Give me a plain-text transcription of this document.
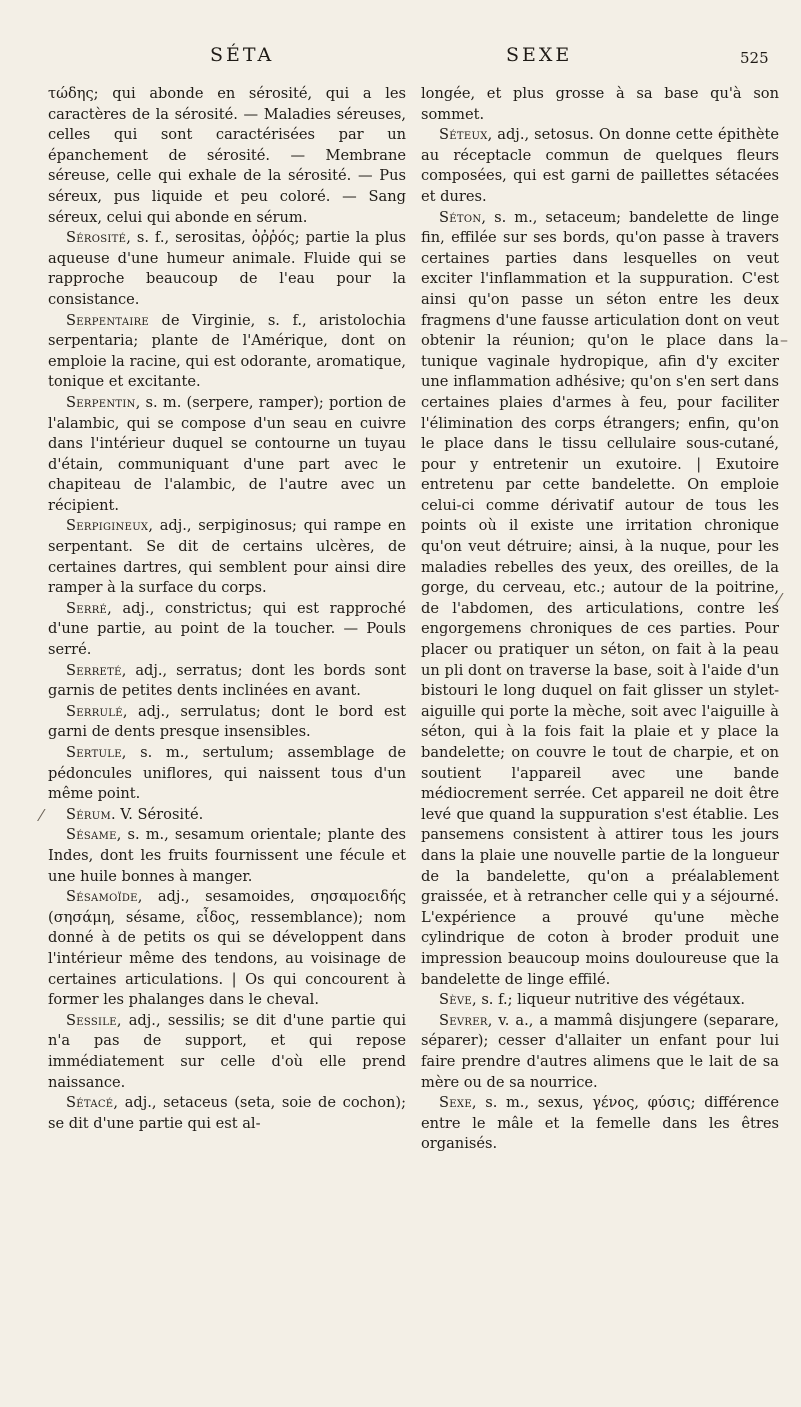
SÉTA	SEXE	525
⁄
–
⁄

τώδης; qui abonde en sérosité, qui a les caractères de la sérosité. — Maladies séreuses, celles qui sont caractérisées par un épanchement de sérosité. — Membrane séreuse, celle qui exhale de la sérosité. — Pus séreux, pus liquide et peu coloré. — Sang séreux, celui qui abonde en sérum.

Sérosité, s. f., serositas, ὀῤῥός; partie la plus aqueuse d'une humeur animale. Fluide qui se rapproche beaucoup de l'eau pour la consistance.

Serpentaire de Virginie, s. f., aristolochia serpentaria; plante de l'Amérique, dont on emploie la racine, qui est odorante, aromatique, tonique et excitante.

Serpentin, s. m. (serpere, ramper); portion de l'alambic, qui se compose d'un seau en cuivre dans l'intérieur duquel se contourne un tuyau d'étain, communiquant d'une part avec le chapiteau de l'alambic, de l'autre avec un récipient.

Serpigineux, adj., serpiginosus; qui rampe en serpentant. Se dit de certains ulcères, de certaines dartres, qui semblent pour ainsi dire ramper à la surface du corps.

Serré, adj., constrictus; qui est rapproché d'une partie, au point de la toucher. — Pouls serré.

Serreté, adj., serratus; dont les bords sont garnis de petites dents inclinées en avant.

Serrulé, adj., serrulatus; dont le bord est garni de dents presque insensibles.

Sertule, s. m., sertulum; assemblage de pédoncules uniflores, qui naissent tous d'un même point.

Sérum. V. Sérosité.

Sésame, s. m., sesamum orientale; plante des Indes, dont les fruits fournissent une fécule et une huile bonnes à manger.

Sésamoïde, adj., sesamoides, σησαμοειδής (σησάμη, sésame, εἶδος, ressemblance); nom donné à de petits os qui se développent dans l'intérieur même des tendons, au voisinage de certaines articulations. | Os qui concourent à former les phalanges dans le cheval.

Sessile, adj., sessilis; se dit d'une partie qui n'a pas de support, et qui repose immédiatement sur celle d'où elle prend naissance.

Sétacé, adj., setaceus (seta, soie de cochon); se dit d'une partie qui est al-

longée, et plus grosse à sa base qu'à son sommet.

Séteux, adj., setosus. On donne cette épithète au réceptacle commun de quelques fleurs composées, qui est garni de paillettes sétacées et dures.

Séton, s. m., setaceum; bandelette de linge fin, effilée sur ses bords, qu'on passe à travers certaines parties dans lesquelles on veut exciter l'inflammation et la suppuration. C'est ainsi qu'on passe un séton entre les deux fragmens d'une fausse articulation dont on veut obtenir la réunion; qu'on le place dans la tunique vaginale hydropique, afin d'y exciter une inflammation adhésive; qu'on s'en sert dans certaines plaies d'armes à feu, pour faciliter l'élimination des corps étrangers; enfin, qu'on le place dans le tissu cellulaire sous-cutané, pour y entretenir un exutoire. | Exutoire entretenu par cette bandelette. On emploie celui-ci comme dérivatif autour de tous les points où il existe une irritation chronique qu'on veut détruire; ainsi, à la nuque, pour les maladies rebelles des yeux, des oreilles, de la gorge, du cerveau, etc.; autour de la poitrine, de l'abdomen, des articulations, contre les engorgemens chroniques de ces parties. Pour placer ou pratiquer un séton, on fait à la peau un pli dont on traverse la base, soit à l'aide d'un bistouri le long duquel on fait glisser un stylet-aiguille qui porte la mèche, soit avec l'aiguille à séton, qui à la fois fait la plaie et y place la bandelette; on couvre le tout de charpie, et on soutient l'appareil avec une bande médiocrement serrée. Cet appareil ne doit être levé que quand la suppuration s'est établie. Les pansemens consistent à attirer tous les jours dans la plaie une nouvelle partie de la longueur de la bandelette, qu'on a préalablement graissée, et à retrancher celle qui y a séjourné. L'expérience a prouvé qu'une mèche cylindrique de coton à broder produit une impression beaucoup moins douloureuse que la bandelette de linge effilé.

Sève, s. f.; liqueur nutritive des végétaux.

Sevrer, v. a., a mammâ disjungere (separare, séparer); cesser d'allaiter un enfant pour lui faire prendre d'autres alimens que le lait de sa mère ou de sa nourrice.

Sexe, s. m., sexus, γένος, φύσις; différence entre le mâle et la femelle dans les êtres organisés.
